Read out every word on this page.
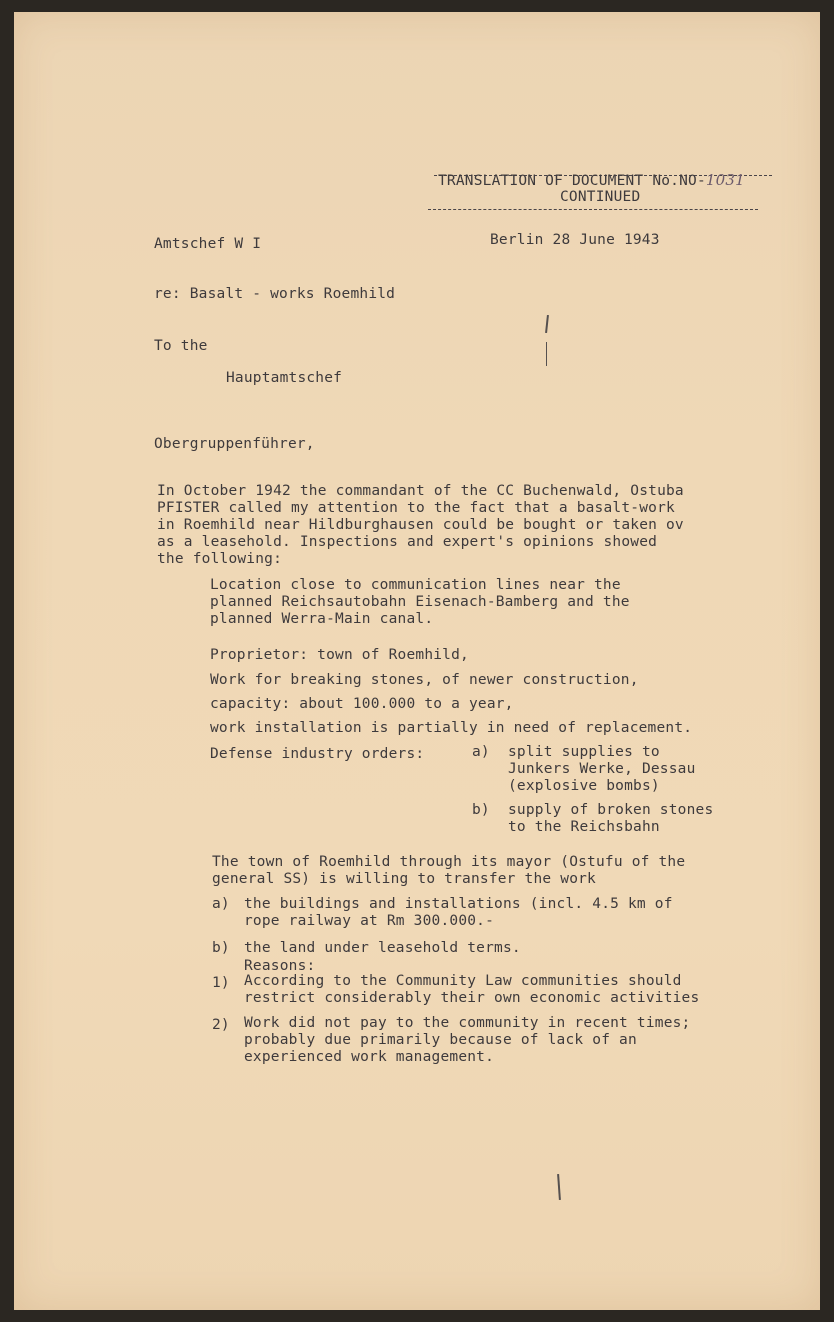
TRANSLATION OF DOCUMENT No.NO-1031
CONTINUED
Amtschef W I	Berlin 28 June 1943
re: Basalt - works Roemhild
To the
Hauptamtschef
Obergruppenführer,
In October 1942 the commandant of the CC Buchenwald, Ostuba
PFISTER called my attention to the fact that a basalt-work
in Roemhild near Hildburghausen could be bought or taken ov
as a leasehold. Inspections and expert's opinions showed
the following:
Location close to communication lines near the
planned Reichsautobahn Eisenach-Bamberg and the
planned Werra-Main canal.
Proprietor: town of Roemhild,
Work for breaking stones, of newer construction,
capacity: about 100.000 to a year,
work installation is partially in need of replacement.
Defense industry orders:	a) split supplies to
Junkers Werke, Dessau
(explosive bombs)
b) supply of broken stones
to the Reichsbahn
The town of Roemhild through its mayor (Ostufu of the
general SS) is willing to transfer the work
a) the buildings and installations (incl. 4.5 km of
rope railway at Rm 300.000.-
b) the land under leasehold terms.
Reasons:
1) According to the Community Law communities should
restrict considerably their own economic activities
2) Work did not pay to the community in recent times;
probably due primarily because of lack of an
experienced work management.
